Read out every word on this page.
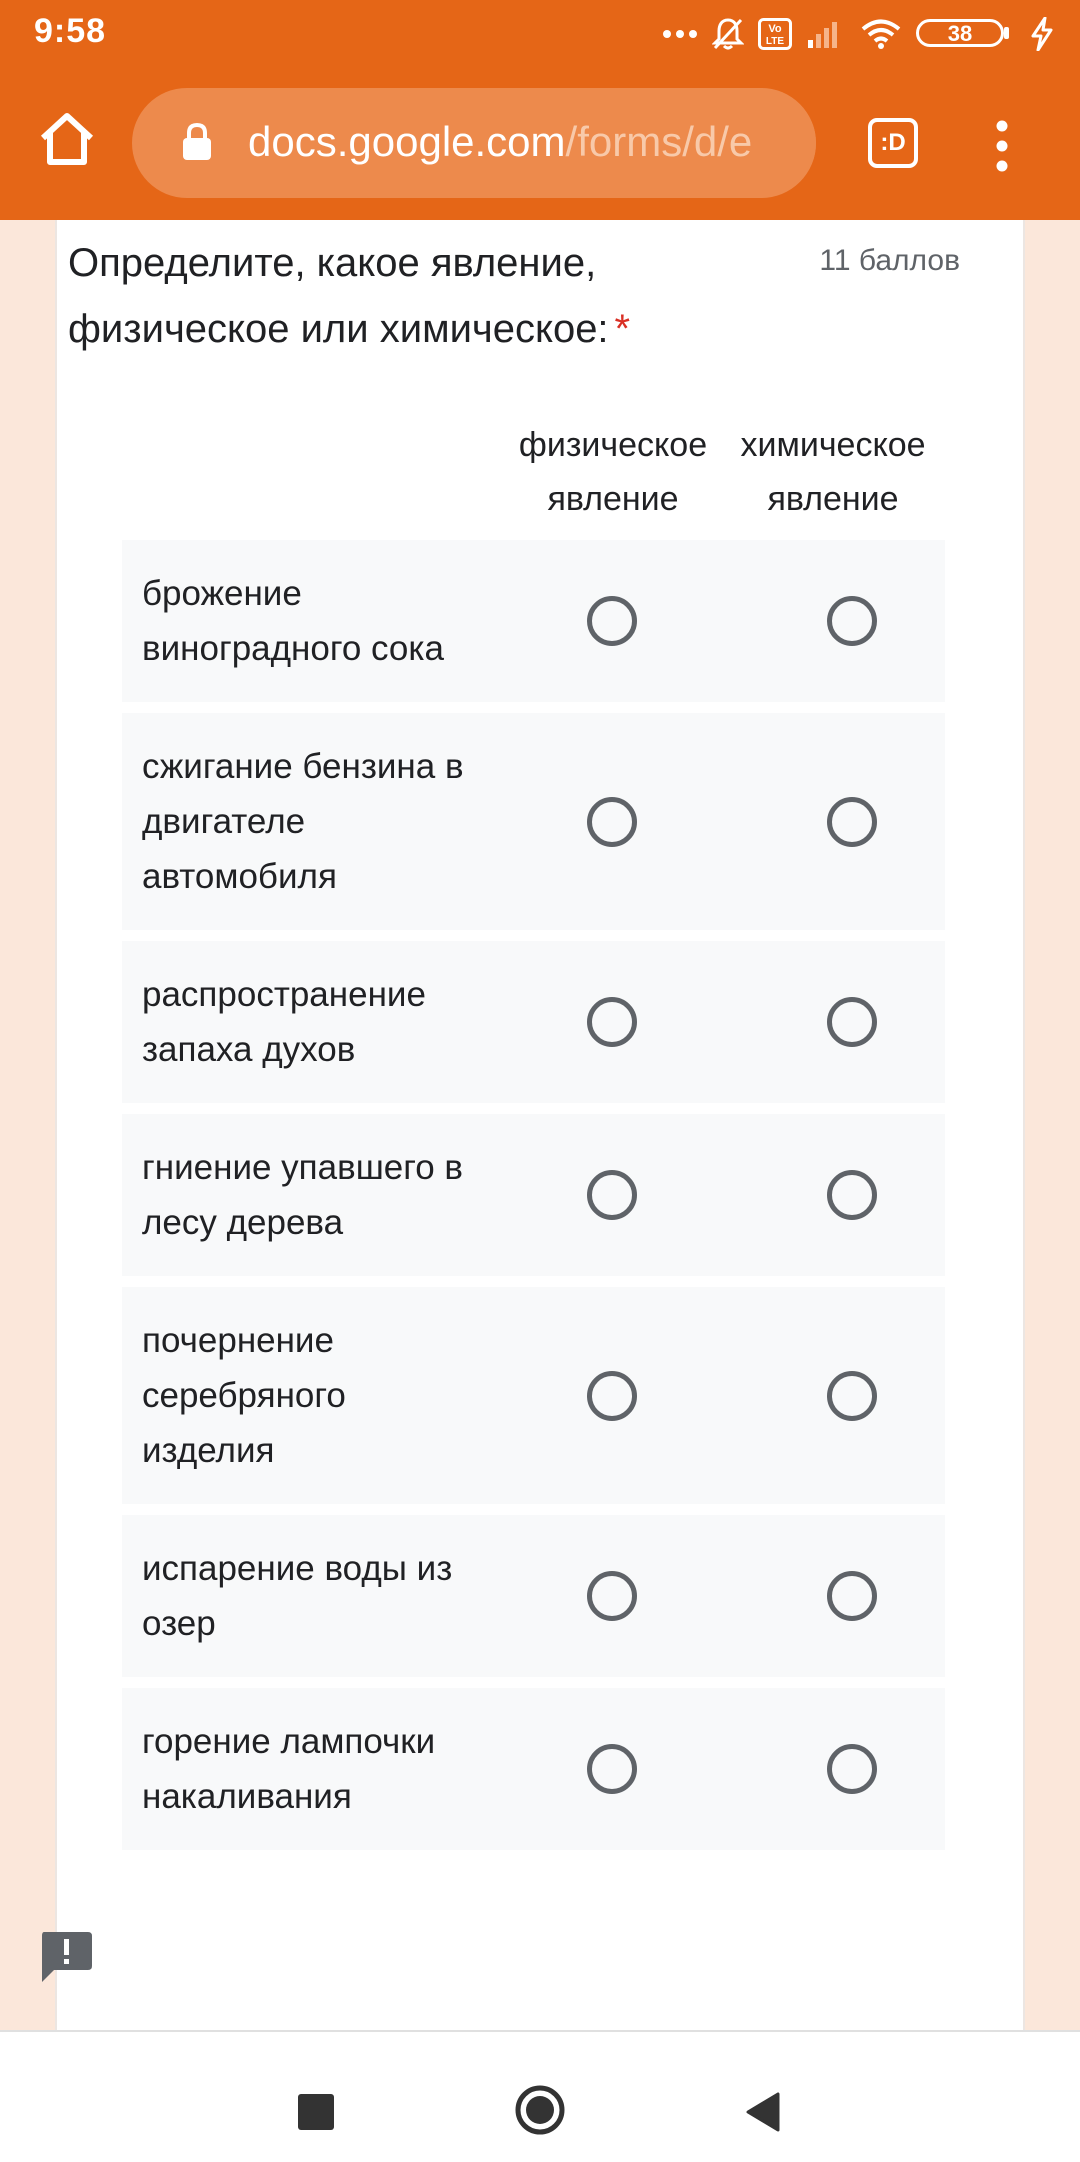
9:58	Vo
LTE	38
docs.google.com/forms/d/e	:D
Определите, какое явление, физическое или химическое: *
11 баллов
физическое явление
химическое явление
брожение виноградного сока
сжигание бензина в двигателе автомобиля
распространение запаха духов
гниение упавшего в лесу дерева
почернение серебряного изделия
испарение воды из озер
горение лампочки накаливания
